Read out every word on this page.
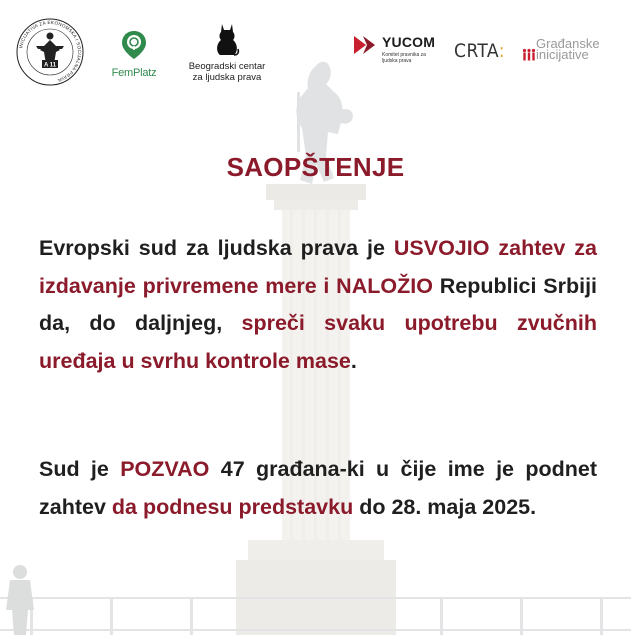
A 11
INICIJATIVA ZA EKONOMSKA I SOCIJALNA PRAVA
FemPlatz
Beogradski centar
za ljudska prava
YUCOM
Komitet pravnika za ljudska prava	CRTA: Građanske
inicijative
SAOPŠTENJE

Evropski sud za ljudska prava je USVOJIO zahtev za izdavanje privremene mere i NALOŽIO Republici Srbiji da, do daljnjeg, spreči svaku upotrebu zvučnih uređaja u svrhu kontrole mase.

Sud je POZVAO 47 građana-ki u čije ime je podnet zahtev da podnesu predstavku do 28. maja 2025.
